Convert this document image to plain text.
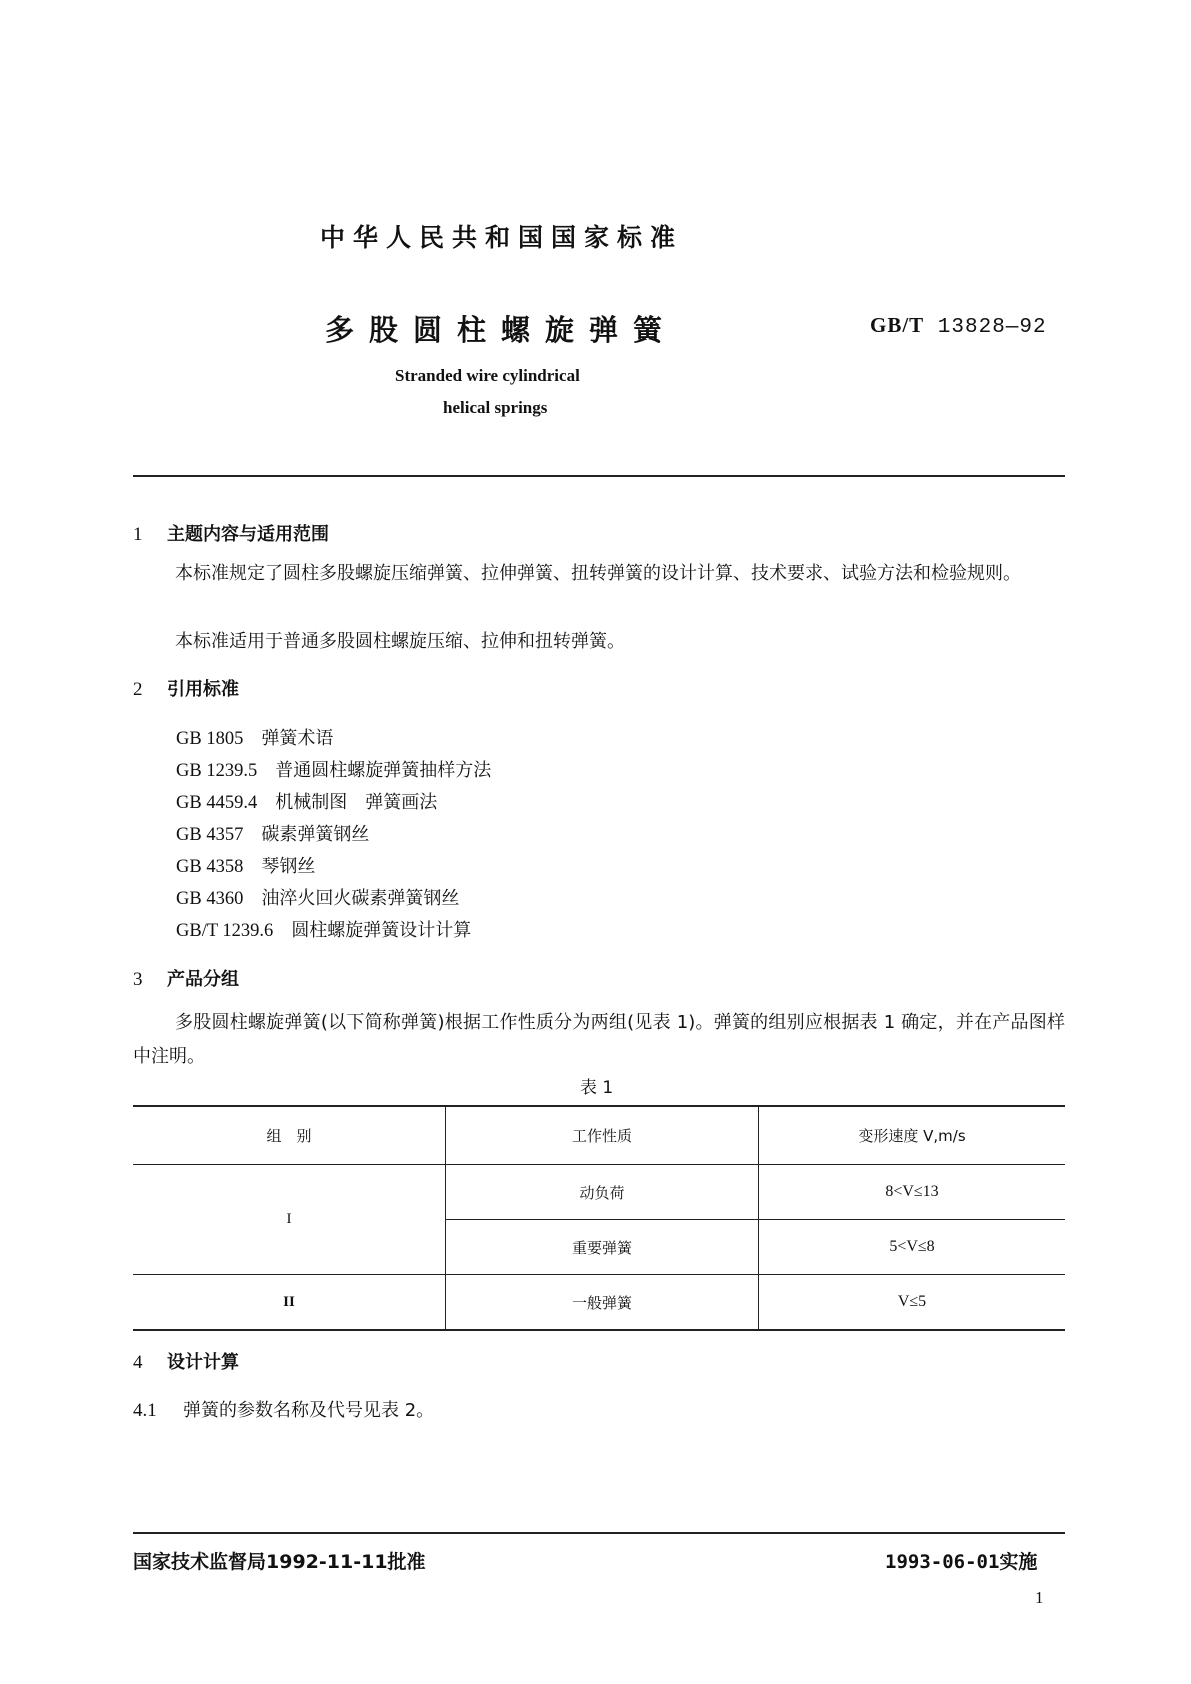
中华人民共和国国家标准
多股圆柱螺旋弹簧	GB/T 13828—92
Stranded wire cylindrical
helical springs
1 主题内容与适用范围
本标准规定了圆柱多股螺旋压缩弹簧、拉伸弹簧、扭转弹簧的设计计算、技术要求、试验方法和检验规则。
本标准适用于普通多股圆柱螺旋压缩、拉伸和扭转弹簧。
2 引用标准
GB 1805 弹簧术语
GB 1239.5 普通圆柱螺旋弹簧抽样方法
GB 4459.4 机械制图　弹簧画法
GB 4357 碳素弹簧钢丝
GB 4358 琴钢丝
GB 4360 油淬火回火碳素弹簧钢丝
GB/T 1239.6 圆柱螺旋弹簧设计计算
3 产品分组
多股圆柱螺旋弹簧(以下简称弹簧)根据工作性质分为两组(见表 1)。弹簧的组别应根据表 1 确定，并在产品图样中注明。
表 1
组　别	工作性质	变形速度 V,m/s
I	动负荷	8<V≤13
	重要弹簧	5<V≤8
II	一般弹簧	V≤5
4 设计计算
4.1 弹簧的参数名称及代号见表 2。
国家技术监督局1992-11-11批准	1993-06-01实施
1
